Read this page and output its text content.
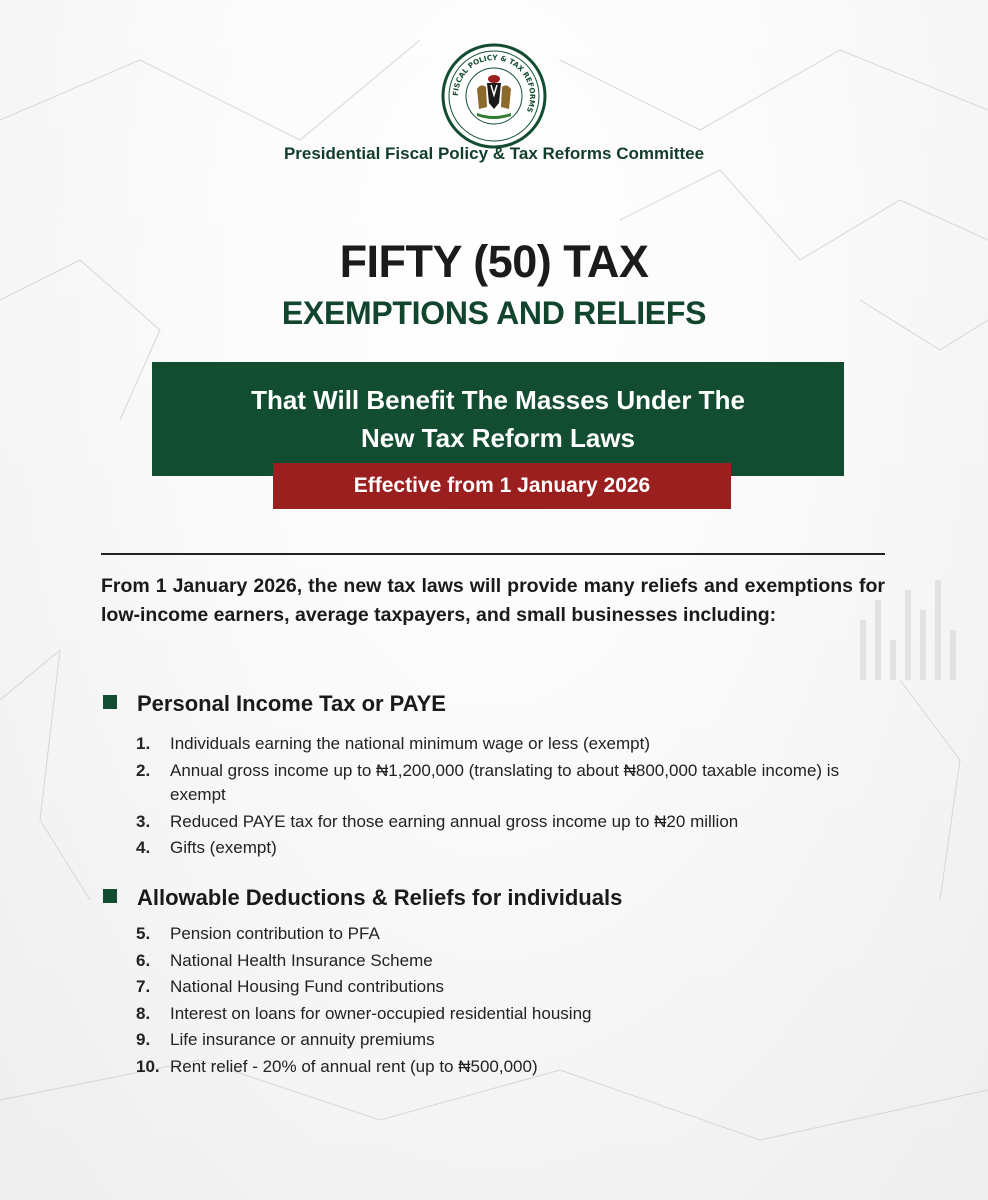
FISCAL POLICY & TAX REFORMS
Presidential Fiscal Policy & Tax Reforms Committee
FIFTY (50) TAX
EXEMPTIONS AND RELIEFS
That Will Benefit The Masses Under The
New Tax Reform Laws
Effective from 1 January 2026
From 1 January 2026, the new tax laws will provide many reliefs and exemptions for low-income earners, average taxpayers, and small businesses including:
Personal Income Tax or PAYE
1. Individuals earning the national minimum wage or less (exempt)
2. Annual gross income up to ₦1,200,000 (translating to about ₦800,000 taxable income) is exempt
3. Reduced PAYE tax for those earning annual gross income up to ₦20 million
4. Gifts (exempt)
Allowable Deductions & Reliefs for individuals
5. Pension contribution to PFA
6. National Health Insurance Scheme
7. National Housing Fund contributions
8. Interest on loans for owner-occupied residential housing
9. Life insurance or annuity premiums
10. Rent relief - 20% of annual rent (up to ₦500,000)
